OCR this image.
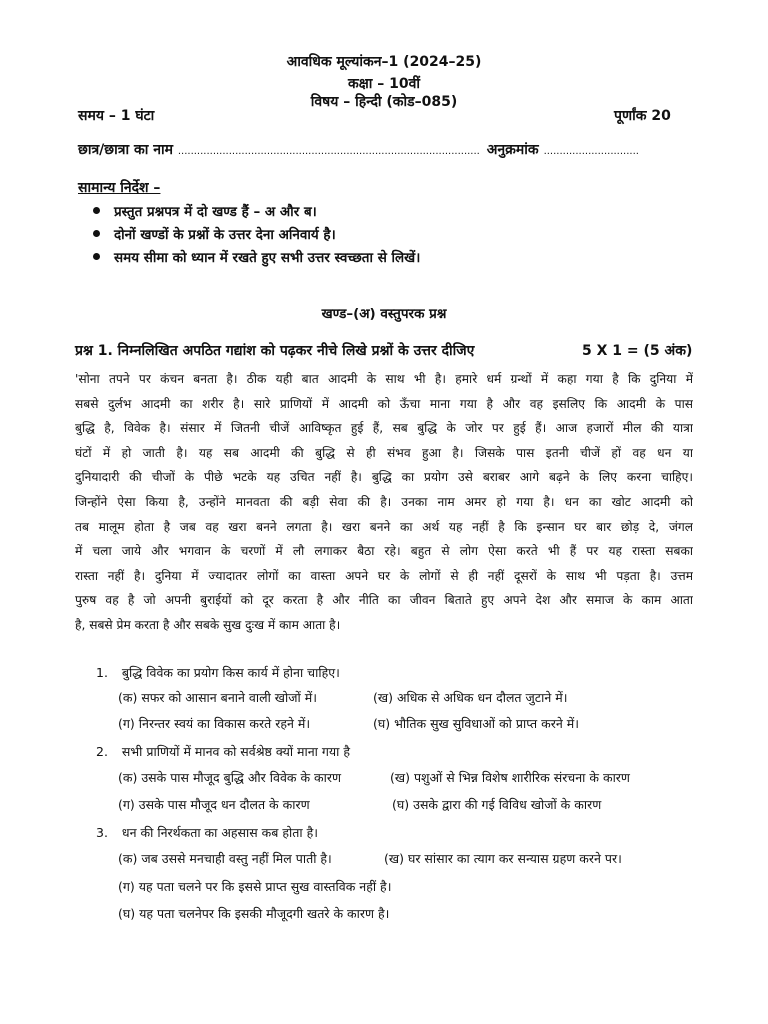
आवधिक मूल्यांकन–1 (2024–25)
कक्षा – 10वीं
विषय – हिन्दी (कोड–085)
समय – 1 घंटा	पूर्णांक 20
छात्र/छात्रा का नाम ............................................................................................... अनुक्रमांक ..............................
सामान्य निर्देश –
प्रस्तुत प्रश्नपत्र में दो खण्ड हैं – अ और ब।
दोनों खण्डों के प्रश्नों के उत्तर देना अनिवार्य है।
समय सीमा को ध्यान में रखते हुए सभी उत्तर स्वच्छता से लिखें।
खण्ड–(अ) वस्तुपरक प्रश्न
प्रश्न 1. निम्नलिखित अपठित गद्यांश को पढ़कर नीचे लिखे प्रश्नों के उत्तर दीजिए	5 X 1 = (5 अंक)
'सोना तपने पर कंचन बनता है। ठीक यही बात आदमी के साथ भी है। हमारे धर्म ग्रन्थों में कहा गया है कि दुनिया में
सबसे दुर्लभ आदमी का शरीर है। सारे प्राणियों में आदमी को ऊँचा माना गया है और वह इसलिए कि आदमी के पास
बुद्धि है, विवेक है। संसार में जितनी चीजें आविष्कृत हुई हैं, सब बुद्धि के जोर पर हुई हैं। आज हजारों मील की यात्रा
घंटों में हो जाती है। यह सब आदमी की बुद्धि से ही संभव हुआ है। जिसके पास इतनी चीजें हों वह धन या
दुनियादारी की चीजों के पीछे भटके यह उचित नहीं है। बुद्धि का प्रयोग उसे बराबर आगे बढ़ने के लिए करना चाहिए।
जिन्होंने ऐसा किया है, उन्होंने मानवता की बड़ी सेवा की है। उनका नाम अमर हो गया है। धन का खोट आदमी को
तब मालूम होता है जब वह खरा बनने लगता है। खरा बनने का अर्थ यह नहीं है कि इन्सान घर बार छोड़ दे, जंगल
में चला जाये और भगवान के चरणों में लौ लगाकर बैठा रहे। बहुत से लोग ऐसा करते भी हैं पर यह रास्ता सबका
रास्ता नहीं है। दुनिया में ज्यादातर लोगों का वास्ता अपने घर के लोगों से ही नहीं दूसरों के साथ भी पड़ता है। उत्तम
पुरुष वह है जो अपनी बुराईयों को दूर करता है और नीति का जीवन बिताते हुए अपने देश और समाज के काम आता
है, सबसे प्रेम करता है और सबके सुख दुःख में काम आता है।
1. बुद्धि विवेक का प्रयोग किस कार्य में होना चाहिए।
(क) सफर को आसान बनाने वाली खोजों में।	(ख) अधिक से अधिक धन दौलत जुटाने में।
(ग) निरन्तर स्वयं का विकास करते रहने में।	(घ) भौतिक सुख सुविधाओं को प्राप्त करने में।
2. सभी प्राणियों में मानव को सर्वश्रेष्ठ क्यों माना गया है
(क) उसके पास मौजूद बुद्धि और विवेक के कारण	(ख) पशुओं से भिन्न विशेष शारीरिक संरचना के कारण
(ग) उसके पास मौजूद धन दौलत के कारण	(घ) उसके द्वारा की गई विविध खोजों के कारण
3. धन की निरर्थकता का अहसास कब होता है।
(क) जब उससे मनचाही वस्तु नहीं मिल पाती है।	(ख) घर सांसार का त्याग कर सन्यास ग्रहण करने पर।
(ग) यह पता चलने पर कि इससे प्राप्त सुख वास्तविक नहीं है।
(घ) यह पता चलनेपर कि इसकी मौजूदगी खतरे के कारण है।
